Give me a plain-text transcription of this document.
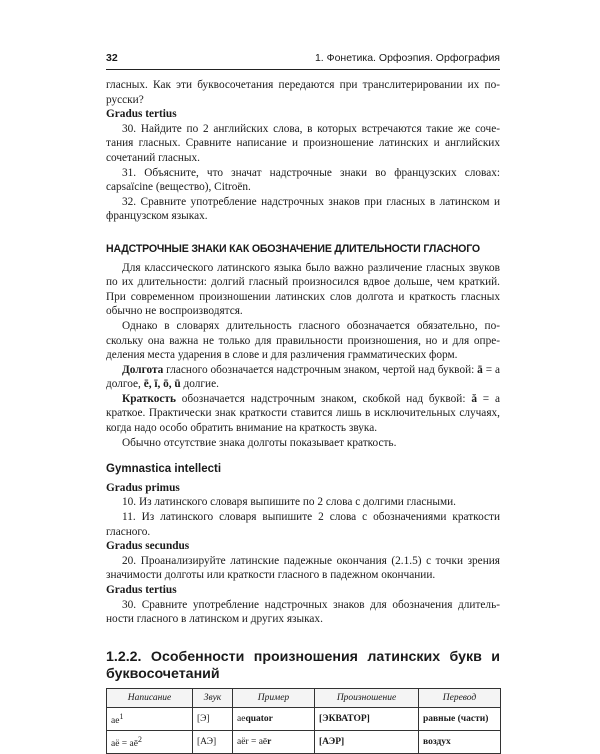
32	1. Фонетика. Орфоэпия. Орфография

гласных. Как эти буквосочетания передаются при транслитерировании их по-русски?

Gradus tertius

30. Найдите по 2 английских слова, в которых встречаются такие же сочетания гласных. Сравните написание и произношение латинских и английских сочетаний гласных.

31. Объясните, что значат надстрочные знаки во французских словах: capsaïcine (вещество), Citroën.

32. Сравните употребление надстрочных знаков при гласных в латинском и французском языках.

НАДСТРОЧНЫЕ ЗНАКИ КАК ОБОЗНАЧЕНИЕ ДЛИТЕЛЬНОСТИ ГЛАСНОГО

Для классического латинского языка было важно различение гласных звуков по их длительности: долгий гласный произносился вдвое дольше, чем краткий. При современном произношении латинских слов долгота и краткость гласных обычно не воспроизводятся.

Однако в словарях длительность гласного обозначается обязательно, поскольку она важна не только для правильности произношения, но и для определения места ударения в слове и для различения грамматических форм.

Долгота гласного обозначается надстрочным знаком, чертой над буквой: ā = a долгое, ē, ī, ō, ū долгие.

Краткость обозначается надстрочным знаком, скобкой над буквой: ă = a краткое. Практически знак краткости ставится лишь в исключительных случаях, когда надо особо обратить внимание на краткость звука.

Обычно отсутствие знака долготы показывает краткость.

Gymnastica intellecti

Gradus primus

10. Из латинского словаря выпишите по 2 слова с долгими гласными.

11. Из латинского словаря выпишите 2 слова с обозначениями краткости гласного.

Gradus secundus

20. Проанализируйте латинские падежные окончания (2.1.5) с точки зрения значимости долготы или краткости гласного в падежном окончании.

Gradus tertius

30. Сравните употребление надстрочных знаков для обозначения длительности гласного в латинском и других языках.

1.2.2. Особенности произношения латинских букв и буквосочетаний

Написание	Звук	Пример	Произношение	Перевод
$ae^1$	[Э]	aequator	[ЭКВАТОР]	равные (части)
aë = $aē^2$	[АЭ]	aër = aēr	[АЭР]	воздух
